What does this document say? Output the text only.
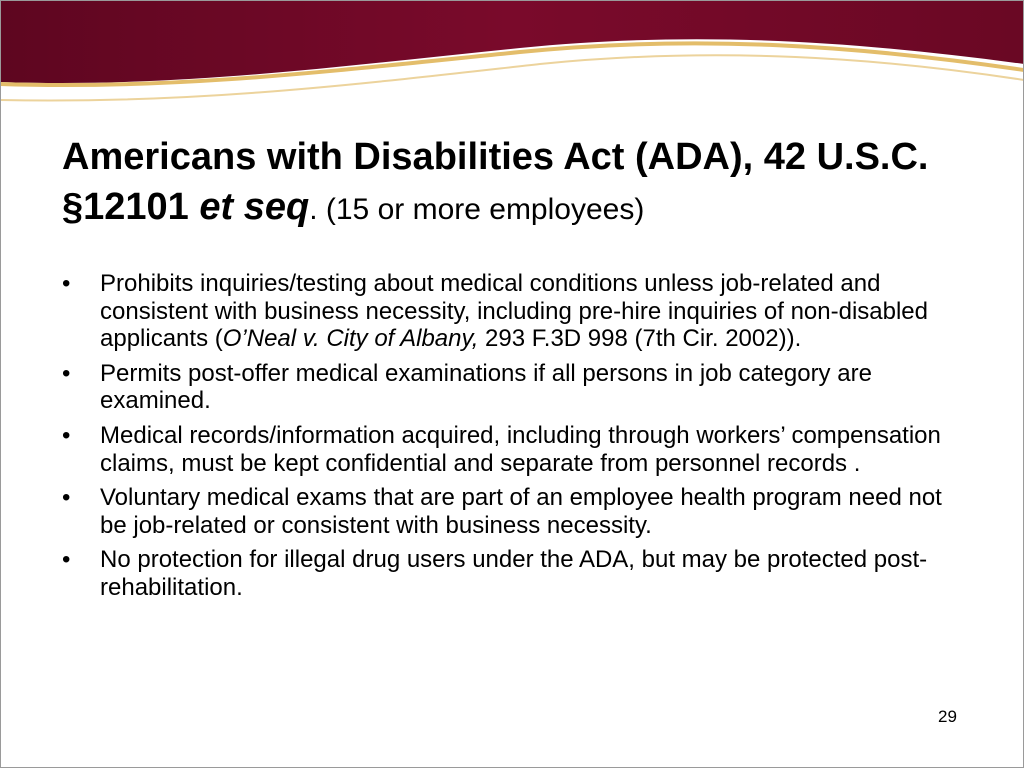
Americans with Disabilities Act (ADA), 42 U.S.C. §12101 et seq. (15 or more employees)
• Prohibits inquiries/testing about medical conditions unless job-related and consistent with business necessity, including pre-hire inquiries of non-disabled applicants (O’Neal v. City of Albany, 293 F.3D 998 (7th Cir. 2002)).
• Permits post-offer medical examinations if all persons in job category are examined.
• Medical records/information acquired, including through workers’ compensation claims, must be kept confidential and separate from personnel records .
• Voluntary medical exams that are part of an employee health program need not be job-related or consistent with business necessity.
• No protection for illegal drug users under the ADA, but may be protected post-rehabilitation.
29
